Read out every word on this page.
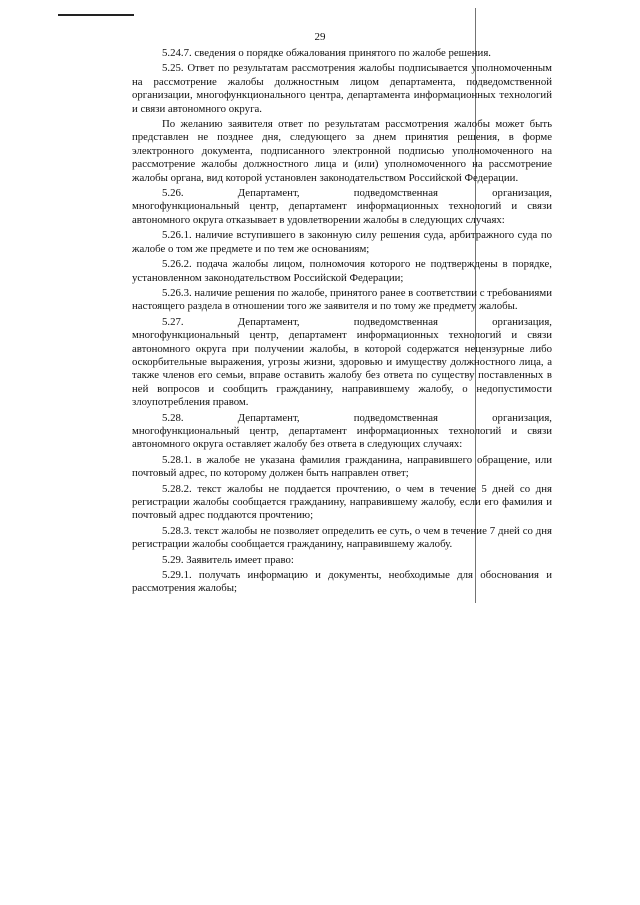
29

5.24.7. сведения о порядке обжалования принятого по жалобе решения.

5.25. Ответ по результатам рассмотрения жалобы подписывается уполномоченным на рассмотрение жалобы должностным лицом департамента, подведомственной организации, многофункционального центра, департамента информационных технологий и связи автономного округа.

По желанию заявителя ответ по результатам рассмотрения жалобы может быть представлен не позднее дня, следующего за днем принятия решения, в форме электронного документа, подписанного электронной подписью уполномоченного на рассмотрение жалобы должностного лица и (или) уполномоченного на рассмотрение жалобы органа, вид которой установлен законодательством Российской Федерации.

5.26.	Департамент,	подведомственная	организация,

многофункциональный центр, департамент информационных технологий и связи автономного округа отказывает в удовлетворении жалобы в следующих случаях:

5.26.1. наличие вступившего в законную силу решения суда, арбитражного суда по жалобе о том же предмете и по тем же основаниям;

5.26.2. подача жалобы лицом, полномочия которого не подтверждены в порядке, установленном законодательством Российской Федерации;

5.26.3. наличие решения по жалобе, принятого ранее в соответствии с требованиями настоящего раздела в отношении того же заявителя и по тому же предмету жалобы.

5.27.	Департамент,	подведомственная	организация,

многофункциональный центр, департамент информационных технологий и связи автономного округа при получении жалобы, в которой содержатся нецензурные либо оскорбительные выражения, угрозы жизни, здоровью и имуществу должностного лица, а также членов его семьи, вправе оставить жалобу без ответа по существу поставленных в ней вопросов и сообщить гражданину, направившему жалобу, о недопустимости злоупотребления правом.

5.28.	Департамент,	подведомственная	организация,

многофункциональный центр, департамент информационных технологий и связи автономного округа оставляет жалобу без ответа в следующих случаях:

5.28.1. в жалобе не указана фамилия гражданина, направившего обращение, или почтовый адрес, по которому должен быть направлен ответ;

5.28.2. текст жалобы не поддается прочтению, о чем в течение 5 дней со дня регистрации жалобы сообщается гражданину, направившему жалобу, если его фамилия и почтовый адрес поддаются прочтению;

5.28.3. текст жалобы не позволяет определить ее суть, о чем в течение 7 дней со дня регистрации жалобы сообщается гражданину, направившему жалобу.

5.29. Заявитель имеет право:

5.29.1. получать информацию и документы, необходимые для обоснования и рассмотрения жалобы;
